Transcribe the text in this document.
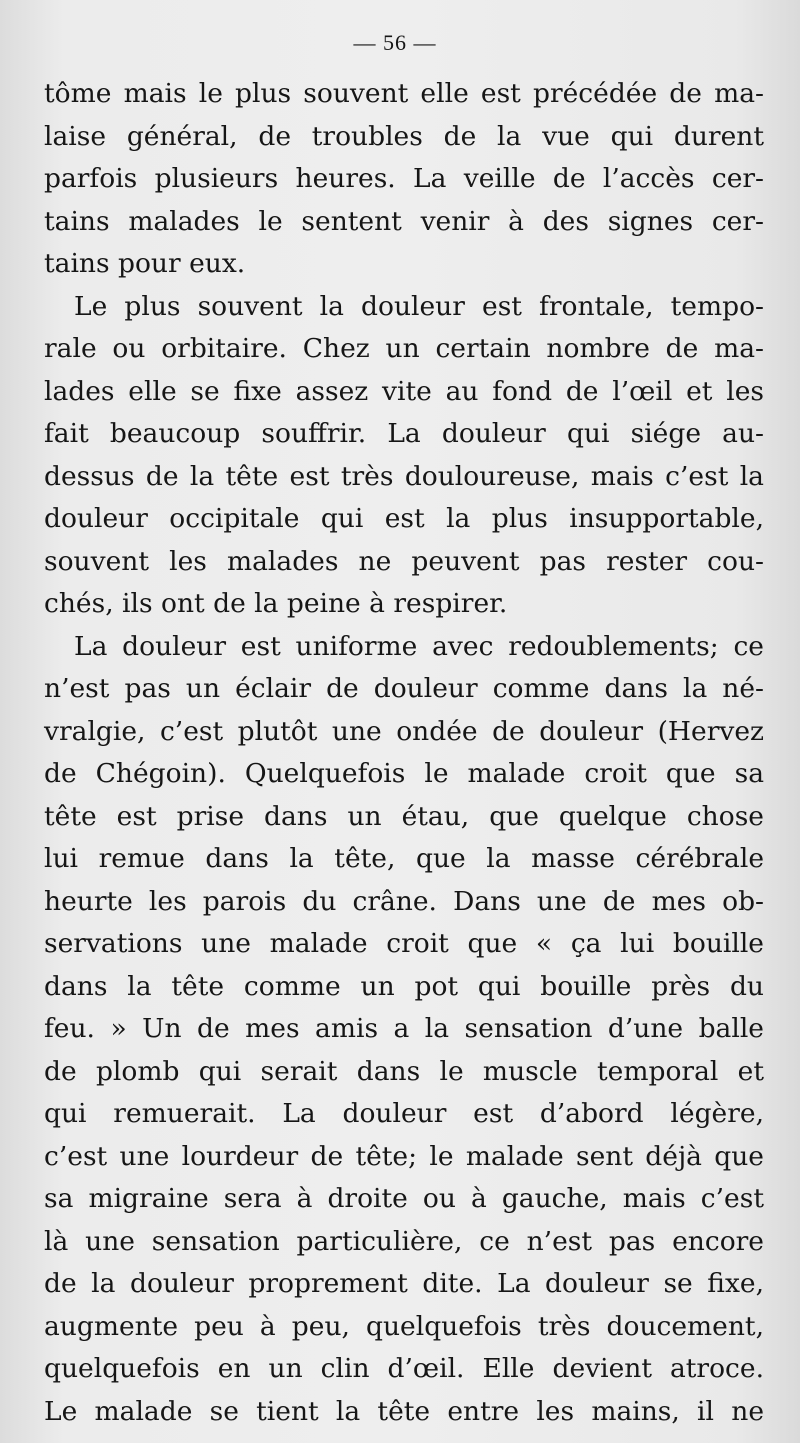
— 56 —
tôme mais le plus souvent elle est précédée de ma-
laise général, de troubles de la vue qui durent
parfois plusieurs heures. La veille de l’accès cer-
tains malades le sentent venir à des signes cer-
tains pour eux.
Le plus souvent la douleur est frontale, tempo-
rale ou orbitaire. Chez un certain nombre de ma-
lades elle se fixe assez vite au fond de l’œil et les
fait beaucoup souffrir. La douleur qui siége au-
dessus de la tête est très douloureuse, mais c’est la
douleur occipitale qui est la plus insupportable,
souvent les malades ne peuvent pas rester cou-
chés, ils ont de la peine à respirer.
La douleur est uniforme avec redoublements; ce
n’est pas un éclair de douleur comme dans la né-
vralgie, c’est plutôt une ondée de douleur (Hervez
de Chégoin). Quelquefois le malade croit que sa
tête est prise dans un étau, que quelque chose
lui remue dans la tête, que la masse cérébrale
heurte les parois du crâne. Dans une de mes ob-
servations une malade croit que « ça lui bouille
dans la tête comme un pot qui bouille près du
feu. » Un de mes amis a la sensation d’une balle
de plomb qui serait dans le muscle temporal et
qui remuerait. La douleur est d’abord légère,
c’est une lourdeur de tête; le malade sent déjà que
sa migraine sera à droite ou à gauche, mais c’est
là une sensation particulière, ce n’est pas encore
de la douleur proprement dite. La douleur se fixe,
augmente peu à peu, quelquefois très doucement,
quelquefois en un clin d’œil. Elle devient atroce.
Le malade se tient la tête entre les mains, il ne
